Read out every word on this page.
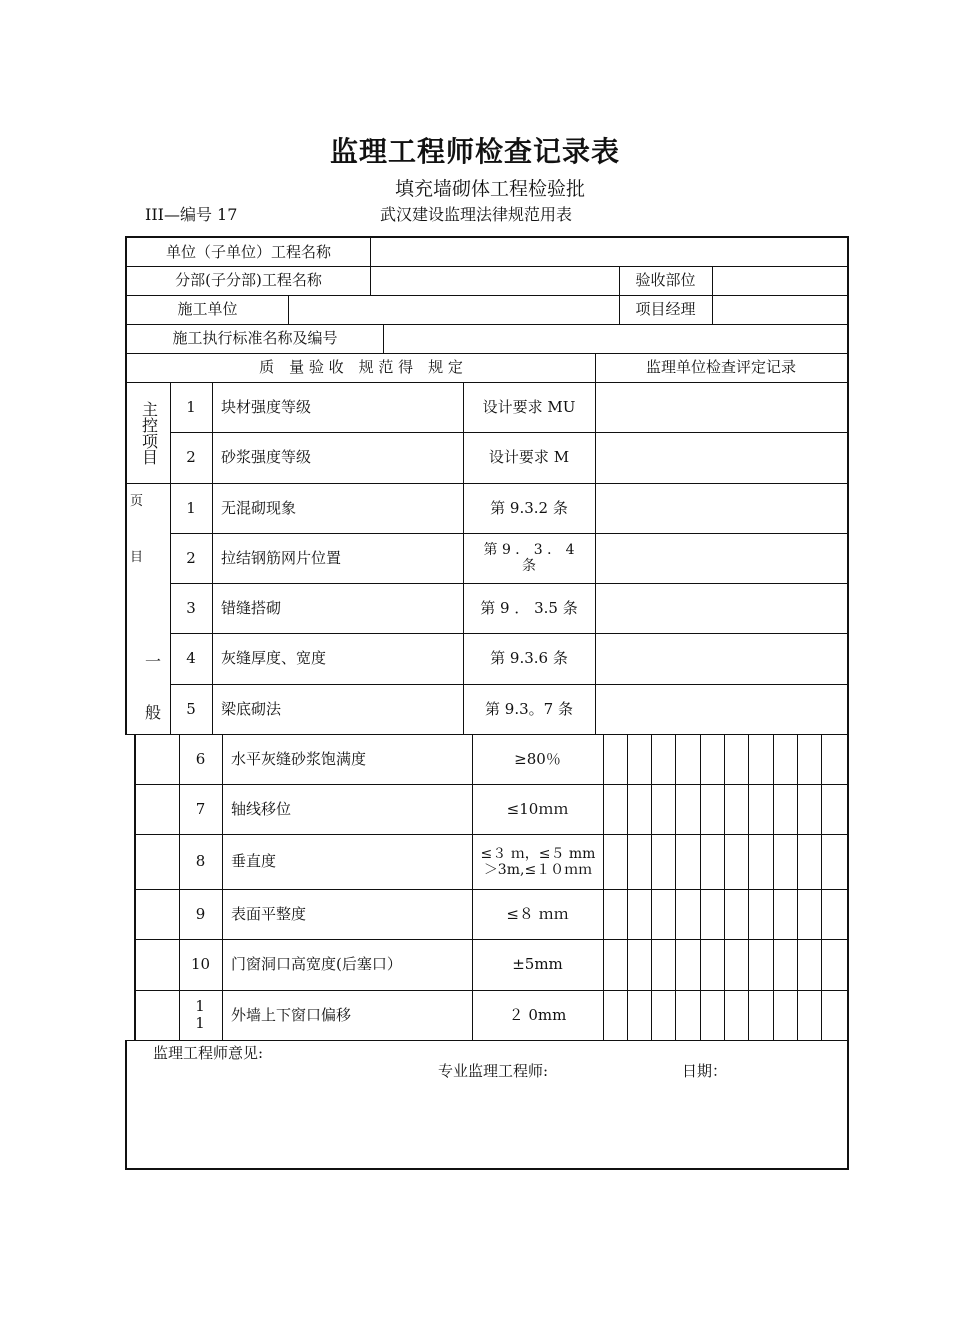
监理工程师检查记录表
填充墙砌体工程检验批
III—编号 17	武汉建设监理法律规范用表
单位（子单位）工程名称
分部(子分部)工程名称	验收部位
施工单位	项目经理
施工执行标准名称及编号
质　量 验 收　规 范 得　规 定	监理单位检查评定记录
主控项目	1	块材强度等级	设计要求 MU
2	砂浆强度等级	设计要求 M
页
目
一
般
1	无混砌现象	第 9.3.2 条
2	拉结钢筋网片位置	第 9 ． 3 ． 4 条
3	错缝搭砌	第 9 ． 3.5 条
4	灰缝厚度、宽度	第 9.3.6 条
5	梁底砌法	第 9.3。7 条
6	水平灰缝砂浆饱满度	≥80％
7	轴线移位	≤10ｍｍ
8	垂直度	≤３ ｍ，≤５ mm＞3m,≤１０ｍｍ
9	表面平整度	≤８ ｍｍ
10	门窗洞口高宽度(后塞口）	±5mm
1 1	外墙上下窗口偏移	２ 0mm
监理工程师意见:
专业监理工程师:	日期：
